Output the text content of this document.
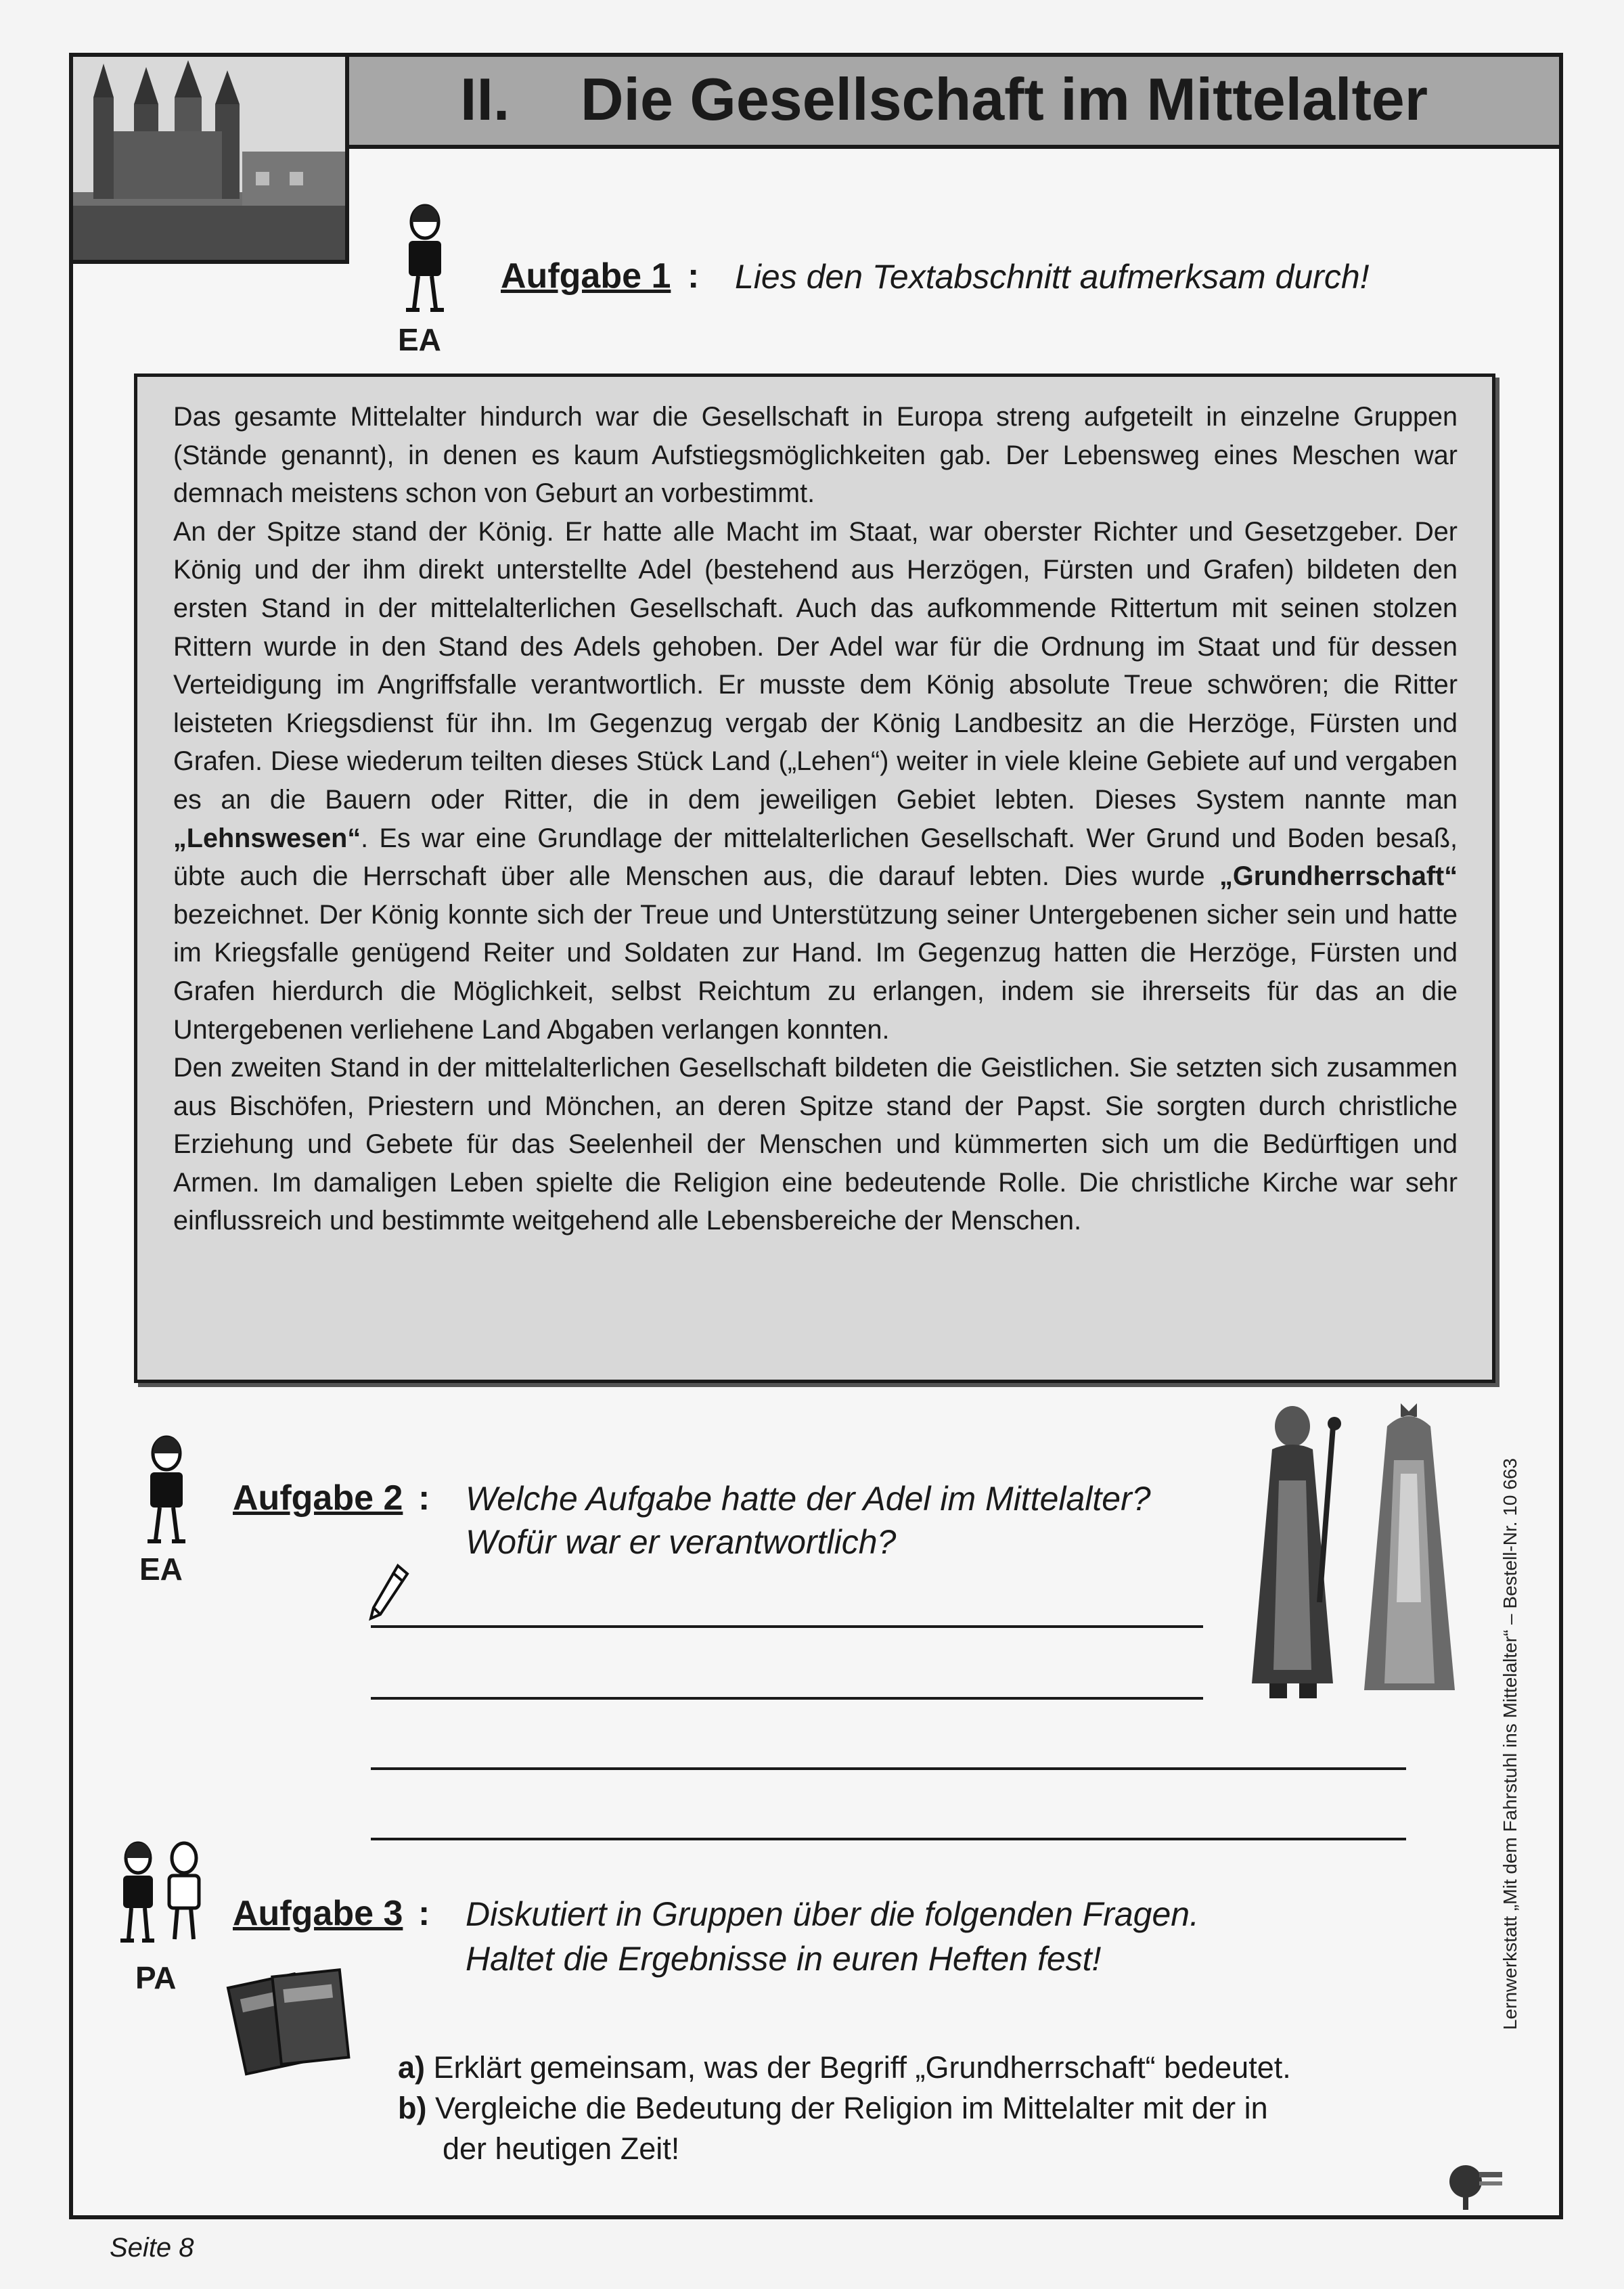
II. Die Gesellschaft im Mittelalter
EA
Aufgabe 1 : Lies den Textabschnitt aufmerksam durch!

Das gesamte Mittelalter hindurch war die Gesellschaft in Europa streng aufgeteilt in einzelne Gruppen (Stände genannt), in denen es kaum Aufstiegsmöglichkeiten gab. Der Lebensweg eines Meschen war demnach meistens schon von Geburt an vorbestimmt.

An der Spitze stand der König. Er hatte alle Macht im Staat, war oberster Richter und Gesetzgeber. Der König und der ihm direkt unterstellte Adel (bestehend aus Herzögen, Fürsten und Grafen) bildeten den ersten Stand in der mittelalterlichen Gesellschaft. Auch das aufkommende Rittertum mit seinen stolzen Rittern wurde in den Stand des Adels gehoben. Der Adel war für die Ordnung im Staat und für dessen Verteidigung im Angriffsfalle verantwortlich. Er musste dem König absolute Treue schwören; die Ritter leisteten Kriegsdienst für ihn. Im Gegenzug vergab der König Landbesitz an die Herzöge, Fürsten und Grafen. Diese wiederum teilten dieses Stück Land („Lehen“) weiter in viele kleine Gebiete auf und vergaben es an die Bauern oder Ritter, die in dem jeweiligen Gebiet lebten. Dieses System nannte man „Lehnswesen“. Es war eine Grundlage der mittelalterlichen Gesellschaft. Wer Grund und Boden besaß, übte auch die Herrschaft über alle Menschen aus, die darauf lebten. Dies wurde „Grundherrschaft“ bezeichnet. Der König konnte sich der Treue und Unterstützung seiner Untergebenen sicher sein und hatte im Kriegsfalle genügend Reiter und Soldaten zur Hand. Im Gegenzug hatten die Herzöge, Fürsten und Grafen hierdurch die Möglichkeit, selbst Reichtum zu erlangen, indem sie ihrerseits für das an die Untergebenen verliehene Land Abgaben verlangen konnten.

Den zweiten Stand in der mittelalterlichen Gesellschaft bildeten die Geistlichen. Sie setzten sich zusammen aus Bischöfen, Priestern und Mönchen, an deren Spitze stand der Papst. Sie sorgten durch christliche Erziehung und Gebete für das Seelenheil der Menschen und kümmerten sich um die Bedürftigen und Armen. Im damaligen Leben spielte die Religion eine bedeutende Rolle. Die christliche Kirche war sehr einflussreich und bestimmte weitgehend alle Lebensbereiche der Menschen.

EA
Aufgabe 2 : Welche Aufgabe hatte der Adel im Mittelalter?
Wofür war er verantwortlich?
PA
Aufgabe 3 : Diskutiert in Gruppen über die folgenden Fragen.
Haltet die Ergebnisse in euren Heften fest!
a) Erklärt gemeinsam, was der Begriff „Grundherrschaft“ bedeutet.
b) Vergleiche die Bedeutung der Religion im Mittelalter mit der in
der heutigen Zeit!
Lernwerkstatt „Mit dem Fahrstuhl ins Mittelalter“ – Bestell-Nr. 10 663
Seite 8
